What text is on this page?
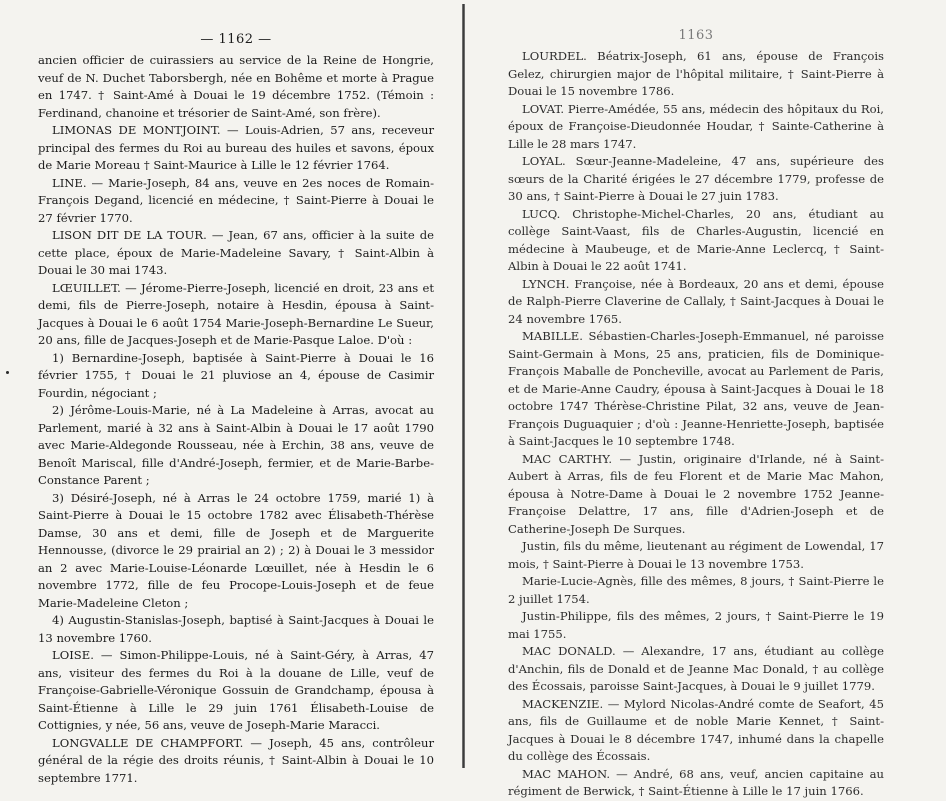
— 1162 —

ancien officier de cuirassiers au service de la Reine de Hongrie, veuf de N. Duchet Taborsbergh, née en Bohême et morte à Prague en 1747. † Saint-Amé à Douai le 19 décembre 1752. (Témoin : Ferdinand, chanoine et trésorier de Saint-Amé, son frère).

LIMONAS DE MONTJOINT. — Louis-Adrien, 57 ans, receveur principal des fermes du Roi au bureau des huiles et savons, époux de Marie Moreau † Saint-Maurice à Lille le 12 février 1764.

LINE. — Marie-Joseph, 84 ans, veuve en 2es noces de Romain-François Degand, licencié en médecine, † Saint-Pierre à Douai le 27 février 1770.

LISON DIT DE LA TOUR. — Jean, 67 ans, officier à la suite de cette place, époux de Marie-Madeleine Savary, † Saint-Albin à Douai le 30 mai 1743.

LŒUILLET. — Jérome-Pierre-Joseph, licencié en droit, 23 ans et demi, fils de Pierre-Joseph, notaire à Hesdin, épousa à Saint-Jacques à Douai le 6 août 1754 Marie-Joseph-Bernardine Le Sueur, 20 ans, fille de Jacques-Joseph et de Marie-Pasque Laloe. D'où :

1) Bernardine-Joseph, baptisée à Saint-Pierre à Douai le 16 février 1755, † Douai le 21 pluviose an 4, épouse de Casimir Fourdin, négociant ;

2) Jérôme-Louis-Marie, né à La Madeleine à Arras, avocat au Parlement, marié à 32 ans à Saint-Albin à Douai le 17 août 1790 avec Marie-Aldegonde Rousseau, née à Erchin, 38 ans, veuve de Benoît Mariscal, fille d'André-Joseph, fermier, et de Marie-Barbe-Constance Parent ;

3) Désiré-Joseph, né à Arras le 24 octobre 1759, marié 1) à Saint-Pierre à Douai le 15 octobre 1782 avec Élisabeth-Thérèse Damse, 30 ans et demi, fille de Joseph et de Marguerite Hennousse, (divorce le 29 prairial an 2) ; 2) à Douai le 3 messidor an 2 avec Marie-Louise-Léonarde Lœuillet, née à Hesdin le 6 novembre 1772, fille de feu Procope-Louis-Joseph et de feue Marie-Madeleine Cleton ;

4) Augustin-Stanislas-Joseph, baptisé à Saint-Jacques à Douai le 13 novembre 1760.

LOISE. — Simon-Philippe-Louis, né à Saint-Géry, à Arras, 47 ans, visiteur des fermes du Roi à la douane de Lille, veuf de Françoise-Gabrielle-Véronique Gossuin de Grandchamp, épousa à Saint-Étienne à Lille le 29 juin 1761 Élisabeth-Louise de Cottignies, y née, 56 ans, veuve de Joseph-Marie Maracci.

LONGVALLE DE CHAMPFORT. — Joseph, 45 ans, contrôleur général de la régie des droits réunis, † Saint-Albin à Douai le 10 septembre 1771.

1163

LOURDEL. Béatrix-Joseph, 61 ans, épouse de François Gelez, chirurgien major de l'hôpital militaire, † Saint-Pierre à Douai le 15 novembre 1786.

LOVAT. Pierre-Amédée, 55 ans, médecin des hôpitaux du Roi, époux de Françoise-Dieudonnée Houdar, † Sainte-Catherine à Lille le 28 mars 1747.

LOYAL. Sœur-Jeanne-Madeleine, 47 ans, supérieure des sœurs de la Charité érigées le 27 décembre 1779, professe de 30 ans, † Saint-Pierre à Douai le 27 juin 1783.

LUCQ. Christophe-Michel-Charles, 20 ans, étudiant au collège Saint-Vaast, fils de Charles-Augustin, licencié en médecine à Maubeuge, et de Marie-Anne Leclercq, † Saint-Albin à Douai le 22 août 1741.

LYNCH. Françoise, née à Bordeaux, 20 ans et demi, épouse de Ralph-Pierre Claverine de Callaly, † Saint-Jacques à Douai le 24 novembre 1765.

MABILLE. Sébastien-Charles-Joseph-Emmanuel, né paroisse Saint-Germain à Mons, 25 ans, praticien, fils de Dominique-François Maballe de Poncheville, avocat au Parlement de Paris, et de Marie-Anne Caudry, épousa à Saint-Jacques à Douai le 18 octobre 1747 Thérèse-Christine Pilat, 32 ans, veuve de Jean-François Duguaquier ; d'où : Jeanne-Henriette-Joseph, baptisée à Saint-Jacques le 10 septembre 1748.

MAC CARTHY. — Justin, originaire d'Irlande, né à Saint-Aubert à Arras, fils de feu Florent et de Marie Mac Mahon, épousa à Notre-Dame à Douai le 2 novembre 1752 Jeanne-Françoise Delattre, 17 ans, fille d'Adrien-Joseph et de Catherine-Joseph De Surques.

Justin, fils du même, lieutenant au régiment de Lowendal, 17 mois, † Saint-Pierre à Douai le 13 novembre 1753.

Marie-Lucie-Agnès, fille des mêmes, 8 jours, † Saint-Pierre le 2 juillet 1754.

Justin-Philippe, fils des mêmes, 2 jours, † Saint-Pierre le 19 mai 1755.

MAC DONALD. — Alexandre, 17 ans, étudiant au collège d'Anchin, fils de Donald et de Jeanne Mac Donald, † au collège des Écossais, paroisse Saint-Jacques, à Douai le 9 juillet 1779.

MACKENZIE. — Mylord Nicolas-André comte de Seafort, 45 ans, fils de Guillaume et de noble Marie Kennet, † Saint-Jacques à Douai le 8 décembre 1747, inhumé dans la chapelle du collège des Écossais.

MAC MAHON. — André, 68 ans, veuf, ancien capitaine au régiment de Berwick, † Saint-Étienne à Lille le 17 juin 1766.
